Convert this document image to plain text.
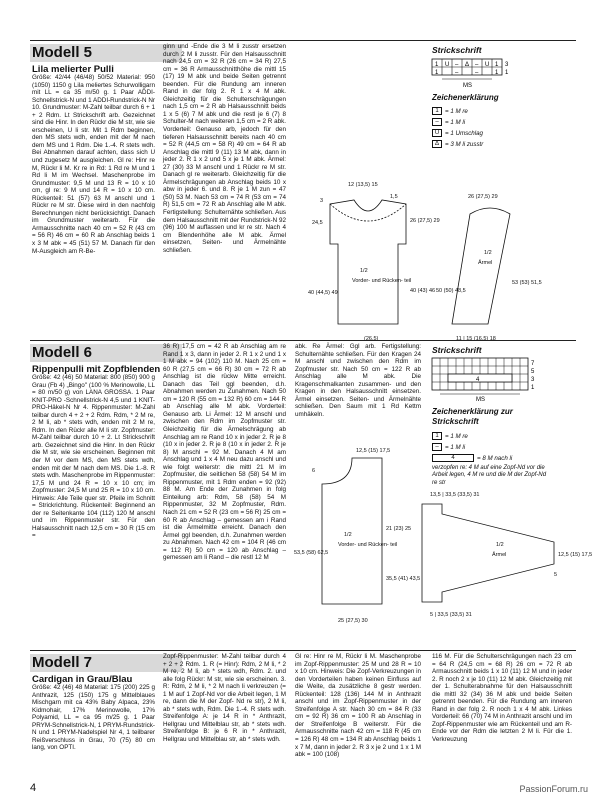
Modell 5
Lila melierter Pulli
Größe: 42/44 (46/48) 50/52 Material: 950 (1050) 1150 g Lila meliertes Schurwolligarn mit LL = ca 35 m/50 g. 1 Paar ADDI-Schnellstrick-N und 1 ADDI-Rundstrick-N Nr 10. Grundmuster: M-Zahl teilbar durch 6 + 1 + 2 Rdm. Lt Strickschrift arb. Gezeichnet sind die Hinr. In den Rückr die M str, wie sie erscheinen, U li str. Mit 1 Rdm beginnen, den MS stets wdh, enden mit der M nach dem MS und 1 Rdm. Die 1.-4. R stets wdh. Bei Abnahmen darauf achten, dass sich U und zugesetz M ausgleichen. Gl re: Hinr re M, Rückr li M. Kr re in Rd: 1 Rd re M und 1 Rd li M im Wechsel. Maschenprobe im Grundmuster: 9,5 M und 13 R = 10 x 10 cm, gl re: 9 M und 14 R = 10 x 10 cm. Rückenteil: 51 (57) 63 M anschl und 1 Rückr re M str. Diese wird in den nachfolg Berechnungen nicht berücksichtigt. Danach im Grundmuster weiterarb. Für die Armausschnitte nach 40 cm = 52 R (43 cm = 56 R) 46 cm = 60 R ab Anschlag beids 1 x 3 M abk = 45 (51) 57 M. Danach für den M-Ausgleich am R-Be-
ginn und -Ende die 3 M li zusstr ersetzen durch 2 M li zusstr. Für den Halsausschnitt nach 24,5 cm = 32 R (26 cm = 34 R) 27,5 cm = 36 R Armausschnitthöhe die mittl 15 (17) 19 M abk und beide Seiten getrennt beenden. Für die Rundung am inneren Rand in der folg 2. R 1 x 4 M abk. Gleichzeitig für die Schulterschrägungen nach 1,5 cm = 2 R ab Halsausschnitt beids 1 x 5 (6) 7 M abk und die restl je 6 (7) 8 Schulter-M nach weiteren 1,5 cm = 2 R abk. Vorderteil: Genauso arb, jedoch für den tieferen Halsausschnitt bereits nach 40 cm = 52 R (44,5 cm = 58 R) 49 cm = 64 R ab Anschlag die mittl 9 (11) 13 M abk, dann in jeder 2. R 1 x 2 und 5 x je 1 M abk. Ärmel: 27 (30) 33 M anschl und 1 Rückr re M str. Danach gl re weiterarb. Gleichzeitig für die Ärmelschrägungen ab Anschlag beids 10 x abw in jeder 6. und 8. R je 1 M zun = 47 (50) 53 M. Nach 53 cm = 74 R (53 cm = 74 R) 51,5 cm = 72 R ab Anschlag alle M abk. Fertigstellung: Schulternähte schließen. Aus dem Halsausschnitt mit der Rundstrick-N 92 (96) 100 M auffassen und kr re str. Nach 4 cm Blendenhöhe alle M abk. Ärmel einsetzen, Seiten- und Ärmelnähte schließen.
Strickschrift
1 U – Δ – U 1
1	–	–	1
MS
3
1
Zeichenerklärung
1	= 1 M re
–	= 1 M li
U = 1 Umschlag
Δ = 3 M li zusstr
12 (13,5) 15
1,5
3
24,5
40 (44,5) 49
26 (27,5) 29
40 (43) 46 50 (50) 48,5
1/2
Vorder- und Rücken- teil
(26,5)
26 (27,5) 29
1/2
Ärmel
53 (53) 51,5
11 | 15 (16,5) 18
Modell 6
Rippenpulli mit Zopfblenden
Größe: 42 (46) 50 Material: 800 (850) 900 g Grau (Fb 4) „Bingo" (100 % Merinowolle, LL = 80 m/50 g) von LANA GROSSA. 1 Paar KNIT-PRO -Schnellstrick-N 4,5 und 1 KNIT-PRO-Häkel-N Nr 4. Rippenmuster: M-Zahl teilbar durch 4 + 2 + 2 Rdm. Rdm, * 2 M re, 2 M li, ab * stets wdh, enden mit 2 M re, Rdm. In den Rückr alle M li str. Zopfmuster: M-Zahl teilbar durch 10 + 2. Lt Strickschrift arb. Gezeichnet sind die Hinr. In den Rückr die M str, wie sie erscheinen. Beginnen mit der M vor dem MS, den MS stets wdh, enden mit der M nach dem MS. Die 1.-8. R stets wdh. Maschenprobe im Rippenmuster: 17,5 M und 24 R = 10 x 10 cm; im Zopfmuster: 24,5 M und 25 R = 10 x 10 cm. Hinweis: Alle Teile quer str. Pfeile im Schnitt = Strickrichtung. Rückenteil: Beginnend an der re Seitenkante 104 (112) 120 M anschl und im Rippenmuster str. Für den Halsausschnitt nach 12,5 cm = 30 R (15 cm =
36 R) 17,5 cm = 42 R ab Anschlag am re Rand 1 x 3, dann in jeder 2. R 1 x 2 und 1 x 1 M abk = 94 (102) 110 M. Nach 25 cm = 60 R (27,5 cm = 66 R) 30 cm = 72 R ab Anschlag ist die rückw Mitte erreicht. Danach das Teil ggl beenden, d.h. Abnahmen werden zu Zunahmen. Nach 50 cm = 120 R (55 cm = 132 R) 60 cm = 144 R ab Anschlag alle M abk. Vorderteil: Genauso arb. Li Ärmel: 12 M anschl und zwischen den Rdm im Zopfmuster str. Gleichzeitig für die Ärmelschrägung ab Anschlag am re Rand 10 x in jeder 2. R je 8 (10 x in jeder 2. R je 8 (10 x in jeder 2. R je 8) M anschl = 92 M. Danach 4 M am Anschlag und 1 x 4 M neu dazu anschl und wie folgt weiterstr: die mittl 21 M im Zopfmuster, die seitlichen 58 (58) 54 M im Rippenmuster, mit 1 Rdm enden = 92 (92) 88 M. Am Ende der Zunahmen in folg Einteilung arb: Rdm, 58 (58) 54 M Rippenmuster, 32 M Zopfmuster, Rdm. Nach 21 cm = 52 R (23 cm = 56 R) 25 cm = 60 R ab Anschlag – gemessen am i Rand ist die Ärmelmitte erreicht. Danach den Ärmel ggl beenden, d.h. Zunahmen werden zu Abnahmen. Nach 42 cm = 104 R (46 cm = 112 R) 50 cm = 120 ab Anschlag – gemessen am li Rand – die restl 12 M
abk. Re Ärmel: Ggl arb. Fertigstellung: Schulternähte schließen. Für den Kragen 24 M anschl und zwischen den Rdm im Zopfmuster str. Nach 50 cm = 122 R ab Anschlag alle M abk. Die Kragenschmalkanten zusammen- und den Kragen in den Halsausschnitt einsetzen. Ärmel einsetzen. Seiten- und Ärmelnähte schließen. Den Saum mit 1 Rd Kettm umhäkeln.
Strickschrift
4
MS
7
5
3
1
Zeichenerklärung zur Strickschrift
1	= 1 M re
–	= 1 M li
4	= 8 M nach li
verzopfen re: 4 M auf eine Zopf-Nd vor die Arbeit legen, 4 M re und die M der Zopf-Nd re str
12,5 (15) 17,5
6
53,5 (58) 62,5
21 (23) 25
1/2
Vorder- und Rücken- teil
35,5 (41) 43,5
25 (27,5) 30
13,5 | 33,5 (33,5) 31
12,5 (15) 17,5
5
1/2
Ärmel
5 | 33,5 (33,5) 31
Modell 7
Cardigan in Grau/Blau
Größe: 42 (46) 48 Material: 175 (200) 225 g Anthrazit, 125 (150) 175 g Mittelblaues Mischgarn mit ca 43% Baby Alpaca, 23% Kidmohair, 17% Merinowolle, 17% Polyamid, LL = ca 95 m/25 g. 1 Paar PRYM-Schnellstrick-N, 1 PRYM-Rundstrick-N und 1 PRYM-Nadelspiel Nr 4, 1 teilbarer Reißverschluss in Grau, 70 (75) 80 cm lang, von OPTI.
Zopf-Rippenmuster: M-Zahl teilbar durch 4 + 2 + 2 Rdm. 1. R (= Hinr): Rdm, 2 M li, * 2 M re, 2 M li, ab * stets wdh, Rdm. 2. und alle folg Rückr: M str, wie sie erscheinen. 3. R: Rdm, 2 M li, * 2 M nach li verkreuzen (= 1 M auf 1 Zopf-Nd vor die Arbeit legen, 1 M re, dann die M der Zopf- Nd re str), 2 M li, ab * stets wdh, Rdm. Die 1.-4. R stets wdh. Streifenfolge A: je 14 R in * Anthrazit, Hellgrau und Mittelblau str, ab * stets wdh. Streifenfolge B: je 6 R in * Anthrazit, Hellgrau und Mittelblau str, ab * stets wdh.
Gl re: Hinr re M, Rückr li M. Maschenprobe im Zopf-Rippenmuster: 25 M und 28 R = 10 x 10 cm. Hinweis: Die Zopf-Verkreuzungen in den Vorderteilen haben keinen Einfluss auf die Weite, da zusätzliche 8 gestr werden. Rückenteil: 128 (136) 144 M in Anthrazit anschl und im Zopf-Rippenmuster in der Streifenfolge A str. Nach 30 cm = 84 R (33 cm = 92 R) 36 cm = 100 R ab Anschlag in der Streifenfolge B weiterstr. Für die Armausschnitte nach 42 cm = 118 R (45 cm = 126 R) 48 cm = 134 R ab Anschlag beids 1 x 7 M, dann in jeder 2. R 3 x je 2 und 1 x 1 M abk = 100 (108)
116 M. Für die Schulterschrägungen nach 23 cm = 64 R (24,5 cm = 68 R) 26 cm = 72 R ab Armausschnitt beids 1 x 10 (11) 12 M und in jeder 2. R noch 2 x je 10 (11) 12 M abk. Gleichzeitig mit der 1. Schulterabnahme für den Halsausschnitt die mittl 32 (34) 36 M abk und beide Seiten getrennt beenden. Für die Rundung am inneren Rand in der folg 2. R noch 1 x 4 M abk. Linkes Vorderteil: 66 (70) 74 M in Anthrazit anschl und im Zopf-Rippenmuster wie am Rückenteil und am R-Ende vor der Rdm die letzten 2 M li. Für die 1. Verkreuzung
4	PassionForum.ru
